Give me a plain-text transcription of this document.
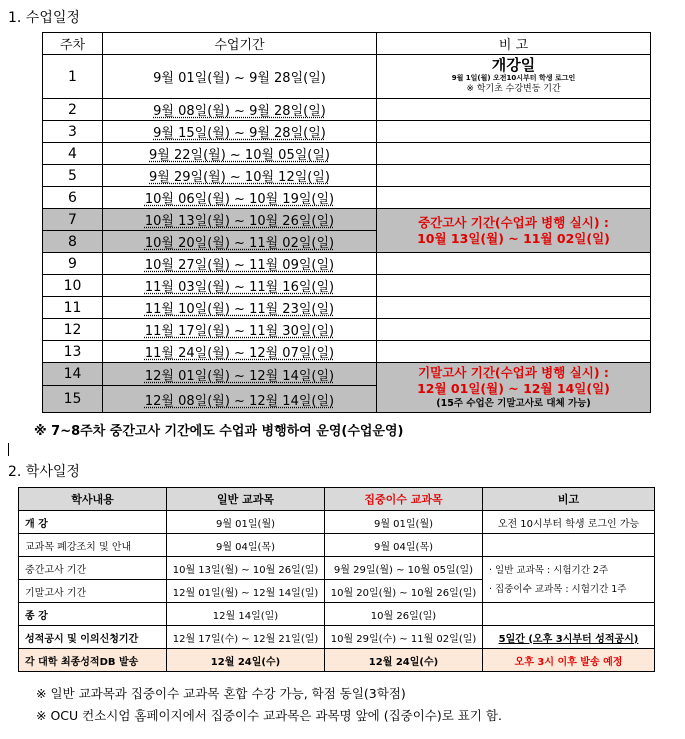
1. 수업일정
주차	수업기간	비 고
1	9월 01일(월) ~ 9월 28일(일)	개강일
9월 1일(월) 오전10시부터 학생 로그인
※ 학기초 수강변동 기간

2	9월 08일(월) ~ 9월 28일(일)	
3	9월 15일(월) ~ 9월 28일(일)	
4	9월 22일(월) ~ 10월 05일(일)	
5	9월 29일(월) ~ 10월 12일(일)	
6	10월 06일(월) ~ 10월 19일(일)	
7	10월 13일(월) ~ 10월 26일(일)	중간고사 기간(수업과 병행 실시) :
10월 13일(월) ~ 11월 02일(일)

8	10월 20일(월) ~ 11월 02일(일)	
9	10월 27일(월) ~ 11월 09일(일)	
10	11월 03일(월) ~ 11월 16일(일)	
11	11월 10일(월) ~ 11월 23일(일)	
12	11월 17일(월) ~ 11월 30일(일)	
13	11월 24일(월) ~ 12월 07일(일)	
14	12월 01일(월) ~ 12월 14일(일)	기말고사 기간(수업과 병행 실시) :
12월 01일(월) ~ 12월 14일(일)
(15주 수업은 기말고사로 대체 가능)

15	12월 08일(월) ~ 12월 14일(일)	
※ 7~8주차 중간고사 기간에도 수업과 병행하여 운영(수업운영)
2. 학사일정
학사내용	일반 교과목	집중이수 교과목	비고
개 강	9월 01일(월)	9월 01일(월)	오전 10시부터 학생 로그인 가능
교과목 폐강조치 및 안내	9월 04일(목)	9월 04일(목)	
중간고사 기간	10월 13일(월) ~ 10월 26일(일)	9월 29일(월) ~ 10월 05일(일)	· 일반 교과목 : 시험기간 2주
· 집중이수 교과목 : 시험기간 1주

기말고사 기간	12월 01일(월) ~ 12월 14일(일)	10월 20일(월) ~ 10월 26일(일)	
종 강	12월 14일(일)	10월 26일(일)	
성적공시 및 이의신청기간	12월 17일(수) ~ 12월 21일(일)	10월 29일(수) ~ 11월 02일(일)	5일간 (오후 3시부터 성적공시)
각 대학 최종성적DB 발송	12월 24일(수)	12월 24일(수)	오후 3시 이후 발송 예정
※ 일반 교과목과 집중이수 교과목 혼합 수강 가능, 학점 동일(3학점)
※ OCU 컨소시엄 홈페이지에서 집중이수 교과목은 과목명 앞에 (집중이수)로 표기 함.
